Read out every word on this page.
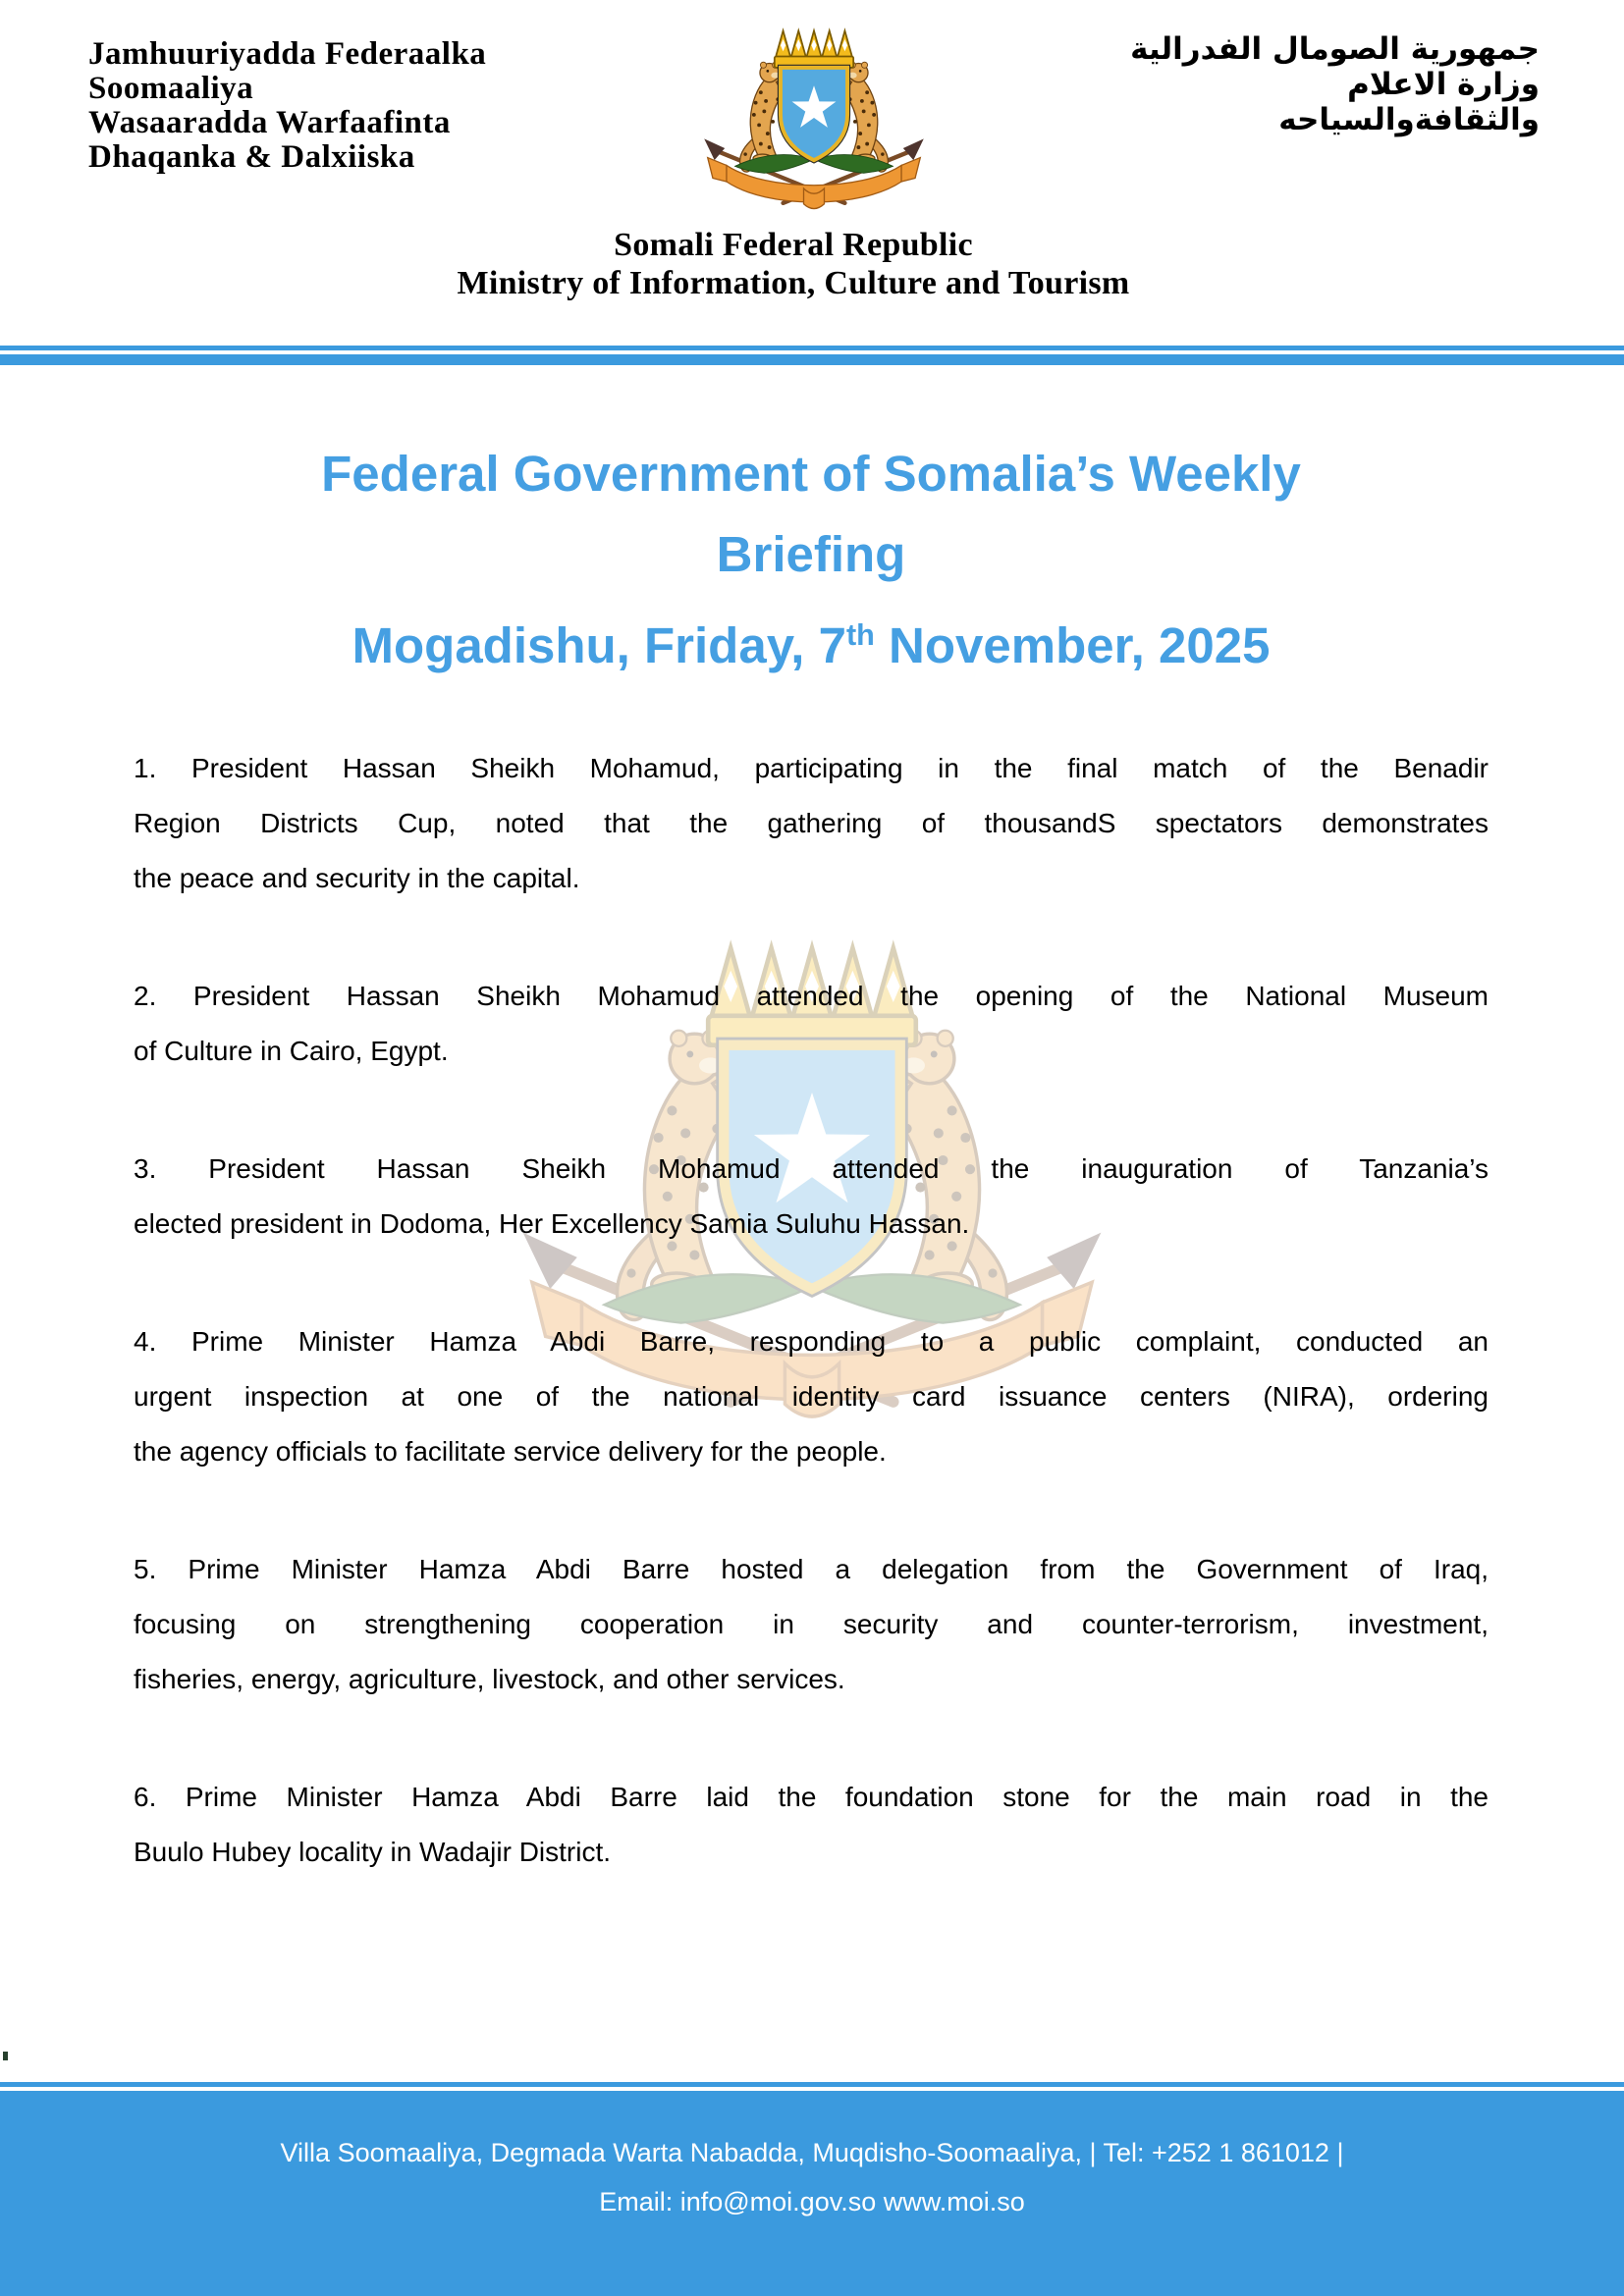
Jamhuuriyadda Federaalka
Soomaaliya
Wasaaradda Warfaafinta
Dhaqanka & Dalxiiska
جمهورية الصومال الفدرالية
وزارة الاعلام
والثقافةوالسياحه
Somali Federal Republic
Ministry of Information, Culture and Tourism
Federal Government of Somalia’s Weekly
Briefing
Mogadishu, Friday, 7th November, 2025

1. President Hassan Sheikh Mohamud, participating in the final match of the Benadir
Region Districts Cup, noted that the gathering of thousandS spectators demonstrates
the peace and security in the capital.

2. President Hassan Sheikh Mohamud attended the opening of the National Museum
of Culture in Cairo, Egypt.

3. President Hassan Sheikh Mohamud attended the inauguration of Tanzania’s
elected president in Dodoma, Her Excellency Samia Suluhu Hassan.

4. Prime Minister Hamza Abdi Barre, responding to a public complaint, conducted an
urgent inspection at one of the national identity card issuance centers (NIRA), ordering
the agency officials to facilitate service delivery for the people.

5. Prime Minister Hamza Abdi Barre hosted a delegation from the Government of Iraq,
focusing on strengthening cooperation in security and counter-terrorism, investment,
fisheries, energy, agriculture, livestock, and other services.

6. Prime Minister Hamza Abdi Barre laid the foundation stone for the main road in the
Buulo Hubey locality in Wadajir District.

Villa Soomaaliya, Degmada Warta Nabadda, Muqdisho-Soomaaliya, | Tel: +252 1 861012 |
Email: info@moi.gov.so www.moi.so
